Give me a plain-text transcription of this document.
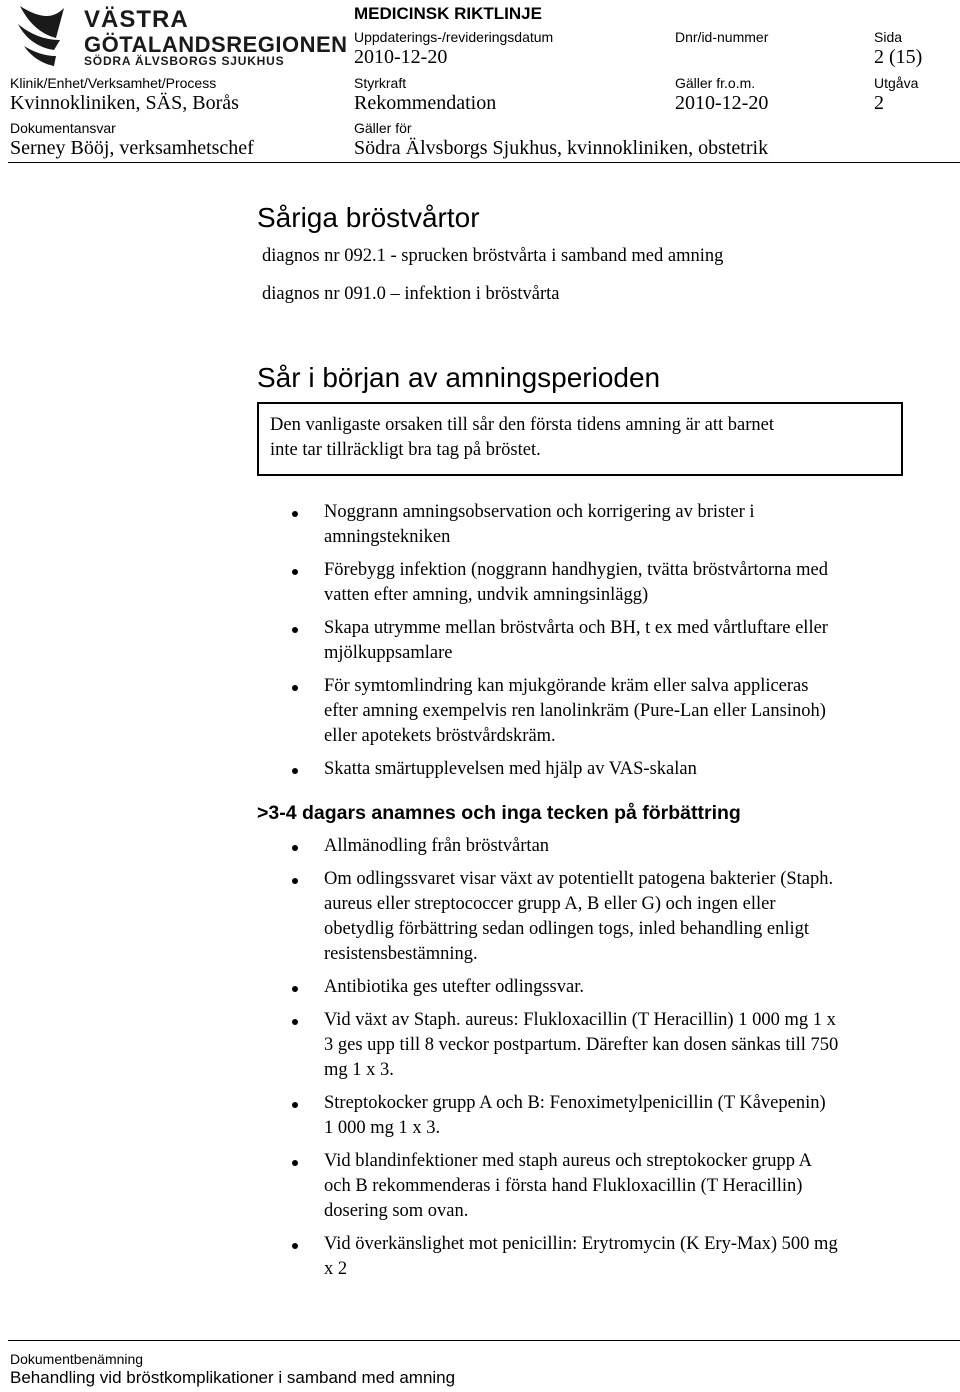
VÄSTRA
GÖTALANDSREGIONEN
SÖDRA ÄLVSBORGS SJUKHUS
MEDICINSK RIKTLINJE
Uppdaterings-/revideringsdatum
2010-12-20
Dnr/id-nummer	Sida
2 (15)
Klinik/Enhet/Verksamhet/Process
Kvinnokliniken, SÄS, Borås
Styrkraft
Rekommendation
Gäller fr.o.m.
2010-12-20
Utgåva
2
Dokumentansvar
Serney Bööj, verksamhetschef
Gäller för
Södra Älvsborgs Sjukhus, kvinnokliniken, obstetrik
Såriga bröstvårtor
diagnos nr 092.1 - sprucken bröstvårta i samband med amning
diagnos nr 091.0 – infektion i bröstvårta
Sår i början av amningsperioden

Den vanligaste orsaken till sår den första tidens amning är att barnet

inte tar tillräckligt bra tag på bröstet.

Noggrann amningsobservation och korrigering av brister i
amningstekniken
Förebygg infektion (noggrann handhygien, tvätta bröstvårtorna med
vatten efter amning, undvik amningsinlägg)
Skapa utrymme mellan bröstvårta och BH, t ex med vårtluftare eller
mjölkuppsamlare
För symtomlindring kan mjukgörande kräm eller salva appliceras
efter amning exempelvis ren lanolinkräm (Pure-Lan eller Lansinoh)
eller apotekets bröstvårdskräm.
Skatta smärtupplevelsen med hjälp av VAS-skalan
>3-4 dagars anamnes och inga tecken på förbättring
Allmänodling från bröstvårtan
Om odlingssvaret visar växt av potentiellt patogena bakterier (Staph.
aureus eller streptococcer grupp A, B eller G) och ingen eller
obetydlig förbättring sedan odlingen togs, inled behandling enligt
resistensbestämning.
Antibiotika ges utefter odlingssvar.
Vid växt av Staph. aureus: Flukloxacillin (T Heracillin) 1 000 mg 1 x
3 ges upp till 8 veckor postpartum. Därefter kan dosen sänkas till 750
mg 1 x 3.
Streptokocker grupp A och B: Fenoximetylpenicillin (T Kåvepenin)
1 000 mg 1 x 3.
Vid blandinfektioner med staph aureus och streptokocker grupp A
och B rekommenderas i första hand Flukloxacillin (T Heracillin)
dosering som ovan.
Vid överkänslighet mot penicillin: Erytromycin (K Ery-Max) 500 mg
x 2
Dokumentbenämning
Behandling vid bröstkomplikationer i samband med amning
